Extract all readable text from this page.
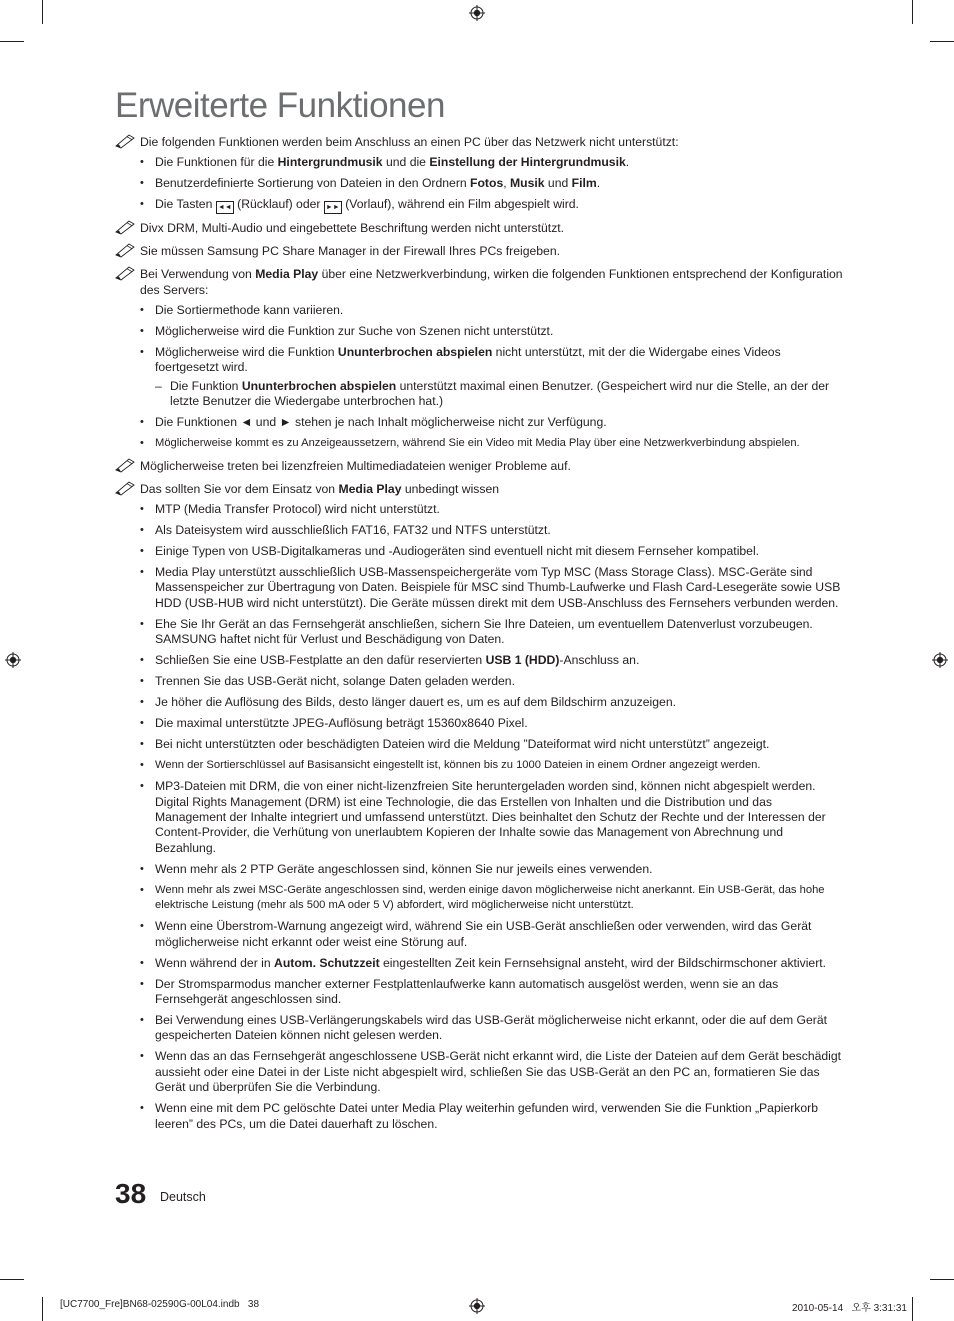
Erweiterte Funktionen

Die folgenden Funktionen werden beim Anschluss an einen PC über das Netzwerk nicht unterstützt:

• Die Funktionen für die Hintergrundmusik und die Einstellung der Hintergrundmusik.
• Benutzerdefinierte Sortierung von Dateien in den Ordnern Fotos, Musik und Film.
• Die Tasten ◄◄ (Rücklauf) oder ►► (Vorlauf), während ein Film abgespielt wird.

Divx DRM, Multi-Audio und eingebettete Beschriftung werden nicht unterstützt.

Sie müssen Samsung PC Share Manager in der Firewall Ihres PCs freigeben.

Bei Verwendung von Media Play über eine Netzwerkverbindung, wirken die folgenden Funktionen entsprechend der Konfiguration des Servers:

• Die Sortiermethode kann variieren.
• Möglicherweise wird die Funktion zur Suche von Szenen nicht unterstützt.
• Möglicherweise wird die Funktion Ununterbrochen abspielen nicht unterstützt, mit der die Widergabe eines Videos foertgesetzt wird.
– Die Funktion Ununterbrochen abspielen unterstützt maximal einen Benutzer. (Gespeichert wird nur die Stelle, an der der letzte Benutzer die Wiedergabe unterbrochen hat.)
• Die Funktionen ◄ und ► stehen je nach Inhalt möglicherweise nicht zur Verfügung.
• Möglicherweise kommt es zu Anzeigeaussetzern, während Sie ein Video mit Media Play über eine Netzwerkverbindung abspielen.

Möglicherweise treten bei lizenzfreien Multimediadateien weniger Probleme auf.

Das sollten Sie vor dem Einsatz von Media Play unbedingt wissen

• MTP (Media Transfer Protocol) wird nicht unterstützt.
• Als Dateisystem wird ausschließlich FAT16, FAT32 und NTFS unterstützt.
• Einige Typen von USB-Digitalkameras und -Audiogeräten sind eventuell nicht mit diesem Fernseher kompatibel.
• Media Play unterstützt ausschließlich USB-Massenspeichergeräte vom Typ MSC (Mass Storage Class). MSC-Geräte sind Massenspeicher zur Übertragung von Daten. Beispiele für MSC sind Thumb-Laufwerke und Flash Card-Lesegeräte sowie USB HDD (USB-HUB wird nicht unterstützt). Die Geräte müssen direkt mit dem USB-Anschluss des Fernsehers verbunden werden.
• Ehe Sie Ihr Gerät an das Fernsehgerät anschließen, sichern Sie Ihre Dateien, um eventuellem Datenverlust vorzubeugen. SAMSUNG haftet nicht für Verlust und Beschädigung von Daten.
• Schließen Sie eine USB-Festplatte an den dafür reservierten USB 1 (HDD)-Anschluss an.
• Trennen Sie das USB-Gerät nicht, solange Daten geladen werden.
• Je höher die Auflösung des Bilds, desto länger dauert es, um es auf dem Bildschirm anzuzeigen.
• Die maximal unterstützte JPEG-Auflösung beträgt 15360x8640 Pixel.
• Bei nicht unterstützten oder beschädigten Dateien wird die Meldung ”Dateiformat wird nicht unterstützt” angezeigt.
• Wenn der Sortierschlüssel auf Basisansicht eingestellt ist, können bis zu 1000 Dateien in einem Ordner angezeigt werden.
• MP3-Dateien mit DRM, die von einer nicht-lizenzfreien Site heruntergeladen worden sind, können nicht abgespielt werden. Digital Rights Management (DRM) ist eine Technologie, die das Erstellen von Inhalten und die Distribution und das Management der Inhalte integriert und umfassend unterstützt. Dies beinhaltet den Schutz der Rechte und der Interessen der Content-Provider, die Verhütung von unerlaubtem Kopieren der Inhalte sowie das Management von Abrechnung und Bezahlung.
• Wenn mehr als 2 PTP Geräte angeschlossen sind, können Sie nur jeweils eines verwenden.
• Wenn mehr als zwei MSC-Geräte angeschlossen sind, werden einige davon möglicherweise nicht anerkannt. Ein USB-Gerät, das hohe elektrische Leistung (mehr als 500 mA oder 5 V) abfordert, wird möglicherweise nicht unterstützt.
• Wenn eine Überstrom-Warnung angezeigt wird, während Sie ein USB-Gerät anschließen oder verwenden, wird das Gerät möglicherweise nicht erkannt oder weist eine Störung auf.
• Wenn während der in Autom. Schutzzeit eingestellten Zeit kein Fernsehsignal ansteht, wird der Bildschirmschoner aktiviert.
• Der Stromsparmodus mancher externer Festplattenlaufwerke kann automatisch ausgelöst werden, wenn sie an das Fernsehgerät angeschlossen sind.
• Bei Verwendung eines USB-Verlängerungskabels wird das USB-Gerät möglicherweise nicht erkannt, oder die auf dem Gerät gespeicherten Dateien können nicht gelesen werden.
• Wenn das an das Fernsehgerät angeschlossene USB-Gerät nicht erkannt wird, die Liste der Dateien auf dem Gerät beschädigt aussieht oder eine Datei in der Liste nicht abgespielt wird, schließen Sie das USB-Gerät an den PC an, formatieren Sie das Gerät und überprüfen Sie die Verbindung.
• Wenn eine mit dem PC gelöschte Datei unter Media Play weiterhin gefunden wird, verwenden Sie die Funktion „Papierkorb leeren” des PCs, um die Datei dauerhaft zu löschen.

38 Deutsch

[UC7700_Fre]BN68-02590G-00L04.indb   38	2010-05-14   오후 3:31:31
